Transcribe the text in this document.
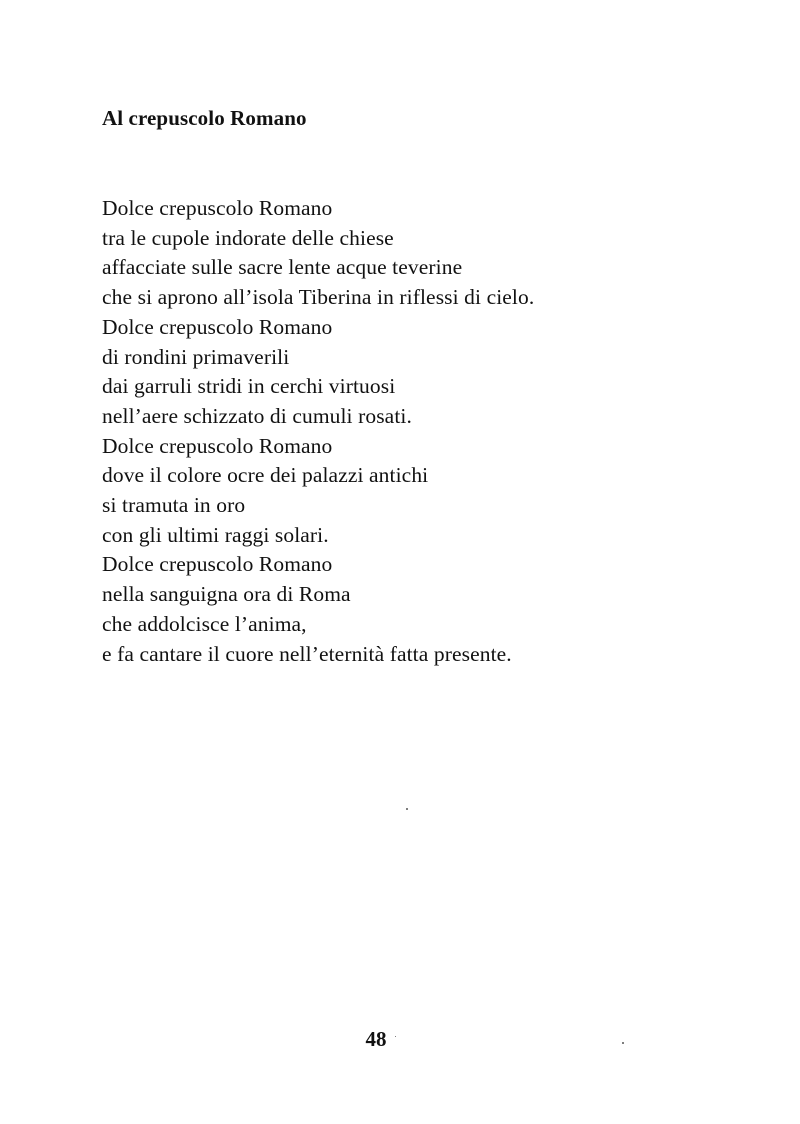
Al crepuscolo Romano
Dolce crepuscolo Romano
tra le cupole indorate delle chiese
affacciate sulle sacre lente acque teverine
che si aprono all’isola Tiberina in riflessi di cielo.
Dolce crepuscolo Romano
di rondini primaverili
dai garruli stridi in cerchi virtuosi
nell’aere schizzato di cumuli rosati.
Dolce crepuscolo Romano
dove il colore ocre dei palazzi antichi
si tramuta in oro
con gli ultimi raggi solari.
Dolce crepuscolo Romano
nella sanguigna ora di Roma
che addolcisce l’anima,
e fa cantare il cuore nell’eternità fatta presente.
48
